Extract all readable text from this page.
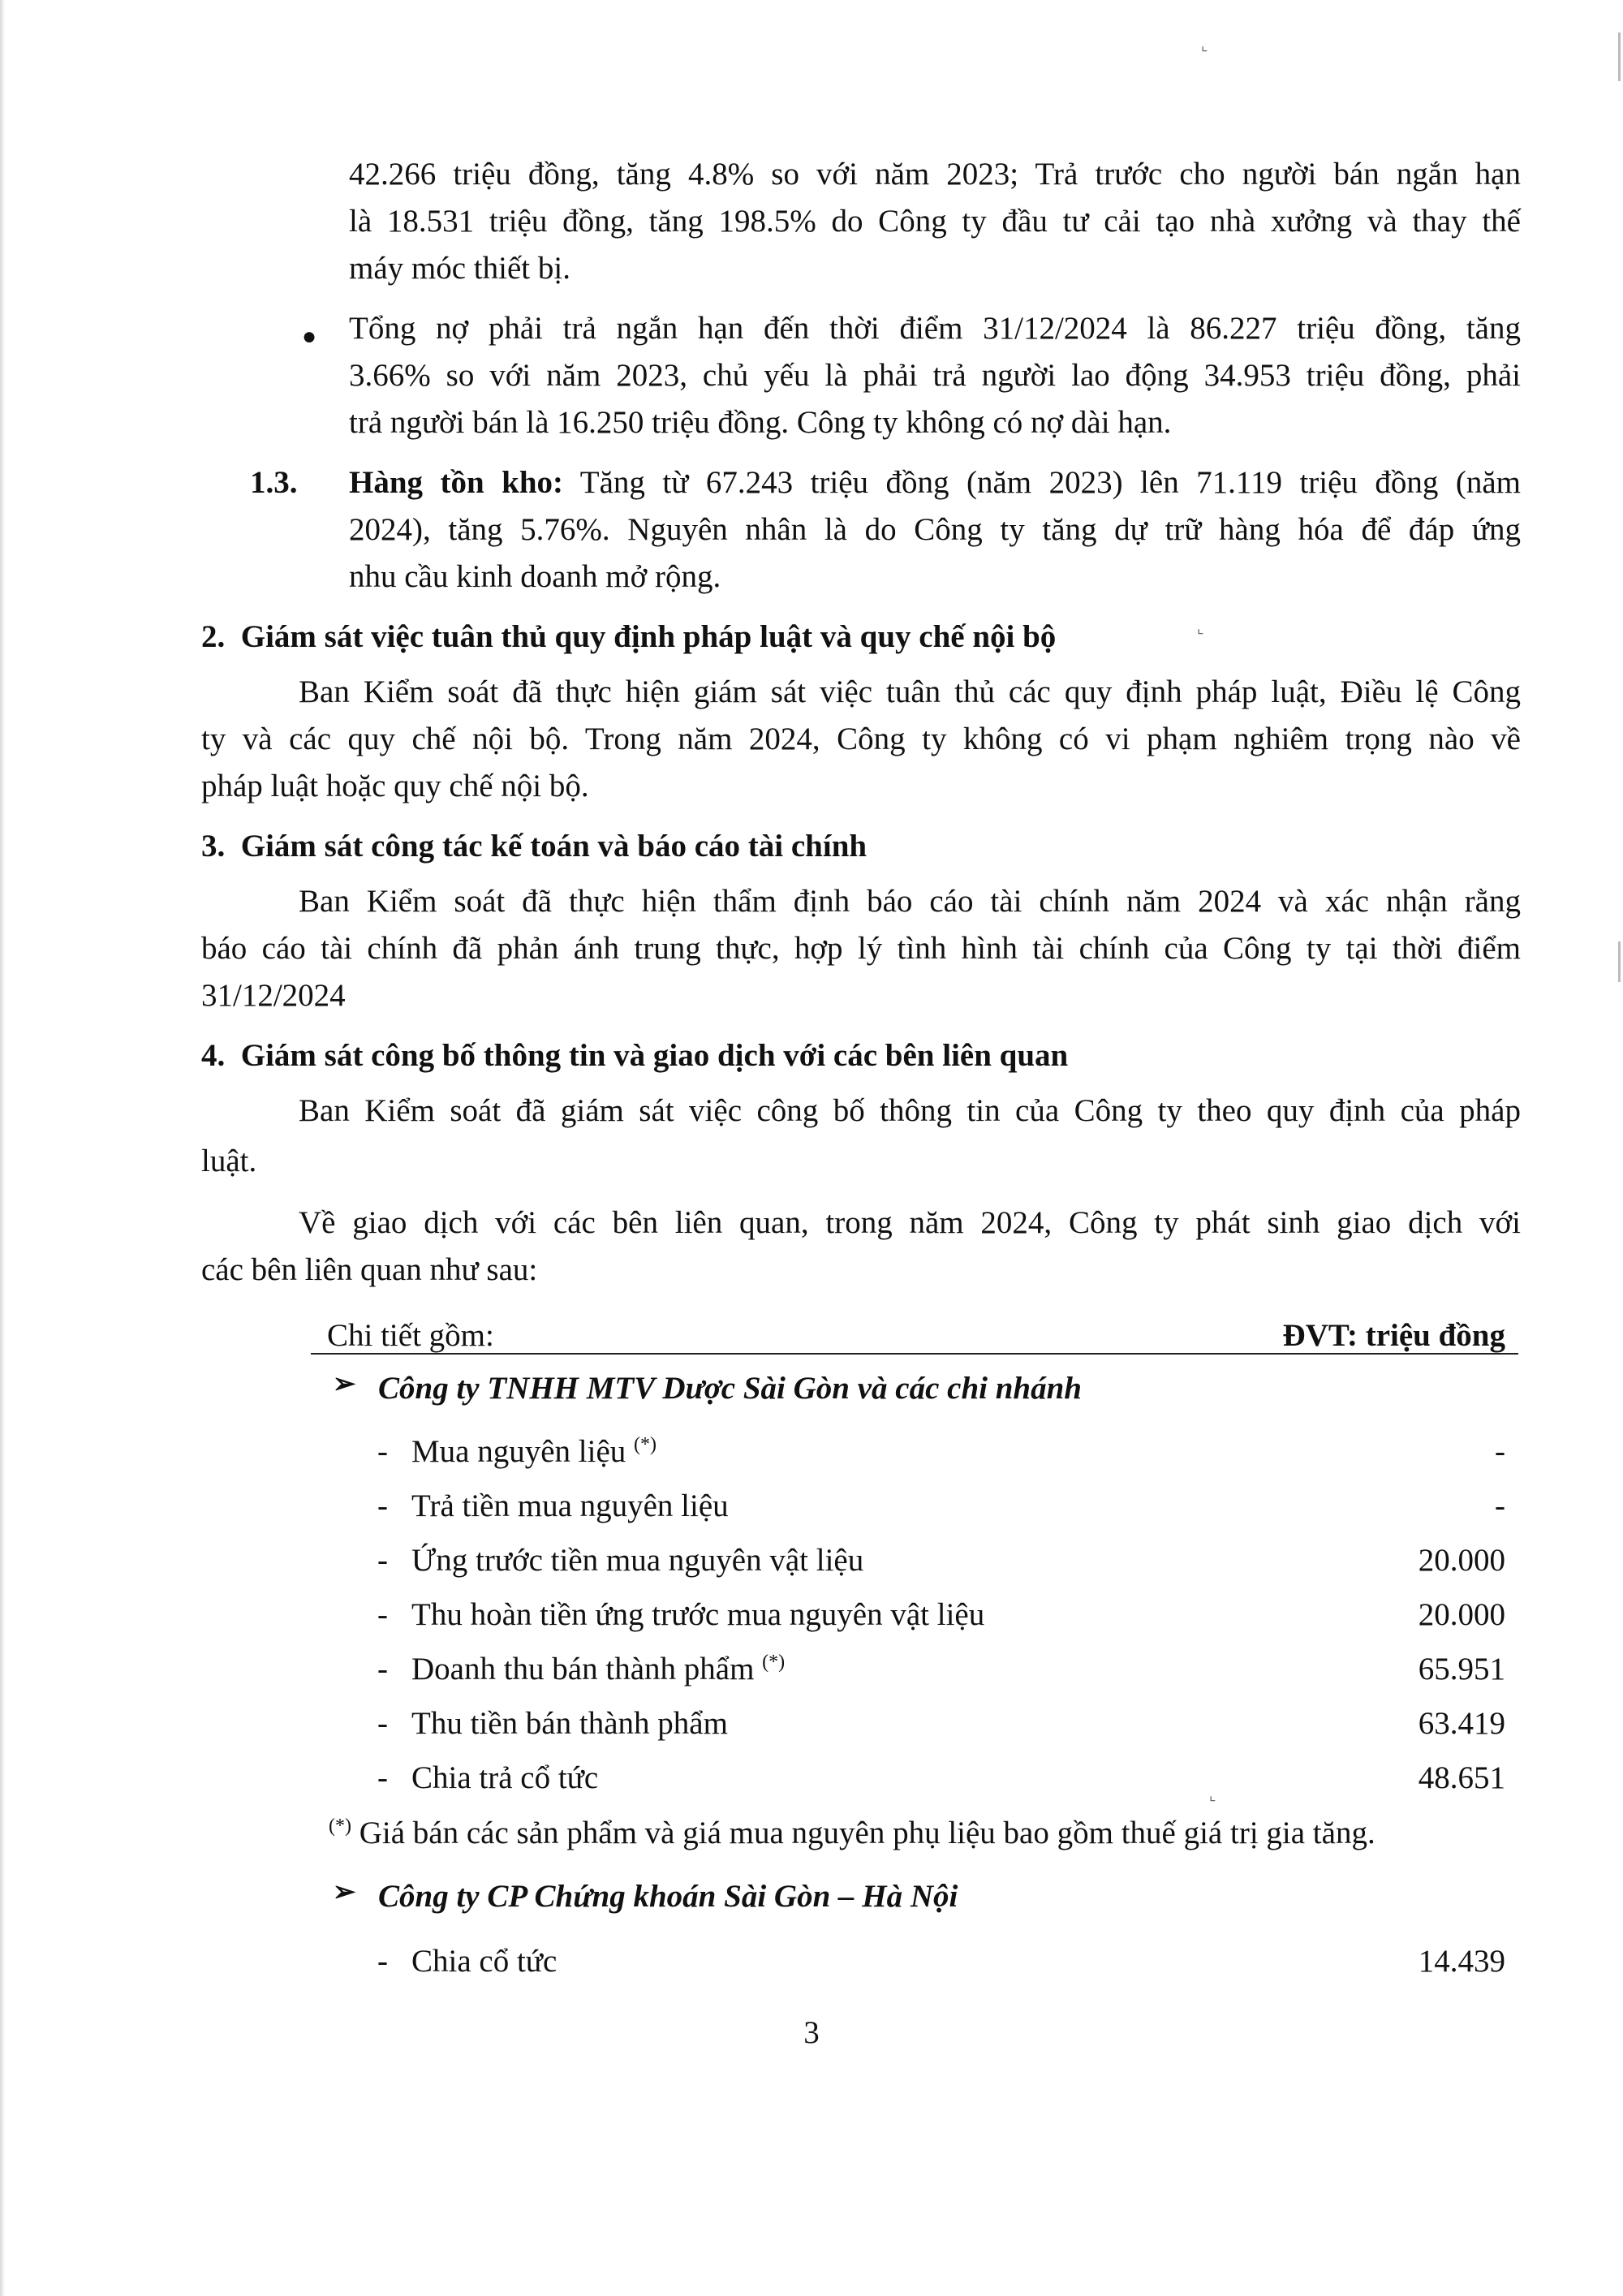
42.266 triệu đồng, tăng 4.8% so với năm 2023; Trả trước cho người bán ngắn hạn
là 18.531 triệu đồng, tăng 198.5% do Công ty đầu tư cải tạo nhà xưởng và thay thế
máy móc thiết bị.
● Tổng nợ phải trả ngắn hạn đến thời điểm 31/12/2024 là 86.227 triệu đồng, tăng
3.66% so với năm 2023, chủ yếu là phải trả người lao động 34.953 triệu đồng, phải
trả người bán là 16.250 triệu đồng. Công ty không có nợ dài hạn.
1.3. Hàng tồn kho: Tăng từ 67.243 triệu đồng (năm 2023) lên 71.119 triệu đồng (năm
2024), tăng 5.76%. Nguyên nhân là do Công ty tăng dự trữ hàng hóa để đáp ứng
nhu cầu kinh doanh mở rộng.
2.  Giám sát việc tuân thủ quy định pháp luật và quy chế nội bộ	⌞
Ban Kiểm soát đã thực hiện giám sát việc tuân thủ các quy định pháp luật, Điều lệ Công
ty và các quy chế nội bộ. Trong năm 2024, Công ty không có vi phạm nghiêm trọng nào về
pháp luật hoặc quy chế nội bộ.
3.  Giám sát công tác kế toán và báo cáo tài chính
Ban Kiểm soát đã thực hiện thẩm định báo cáo tài chính năm 2024 và xác nhận rằng
báo cáo tài chính đã phản ánh trung thực, hợp lý tình hình tài chính của Công ty tại thời điểm
31/12/2024
4.  Giám sát công bố thông tin và giao dịch với các bên liên quan
Ban Kiểm soát đã giám sát việc công bố thông tin của Công ty theo quy định của pháp
luật.
Về giao dịch với các bên liên quan, trong năm 2024, Công ty phát sinh giao dịch với
các bên liên quan như sau:
Chi tiết gồm:	ĐVT: triệu đồng
➢ Công ty TNHH MTV Dược Sài Gòn và các chi nhánh
- Mua nguyên liệu (*)	-
- Trả tiền mua nguyên liệu	-
- Ứng trước tiền mua nguyên vật liệu	20.000
- Thu hoàn tiền ứng trước mua nguyên vật liệu	20.000
- Doanh thu bán thành phẩm (*)	65.951
- Thu tiền bán thành phẩm	63.419
- Chia trả cổ tức	48.651
⌞
(*) Giá bán các sản phẩm và giá mua nguyên phụ liệu bao gồm thuế giá trị gia tăng.
➢ Công ty CP Chứng khoán Sài Gòn – Hà Nội
- Chia cổ tức	14.439
3
⌞
